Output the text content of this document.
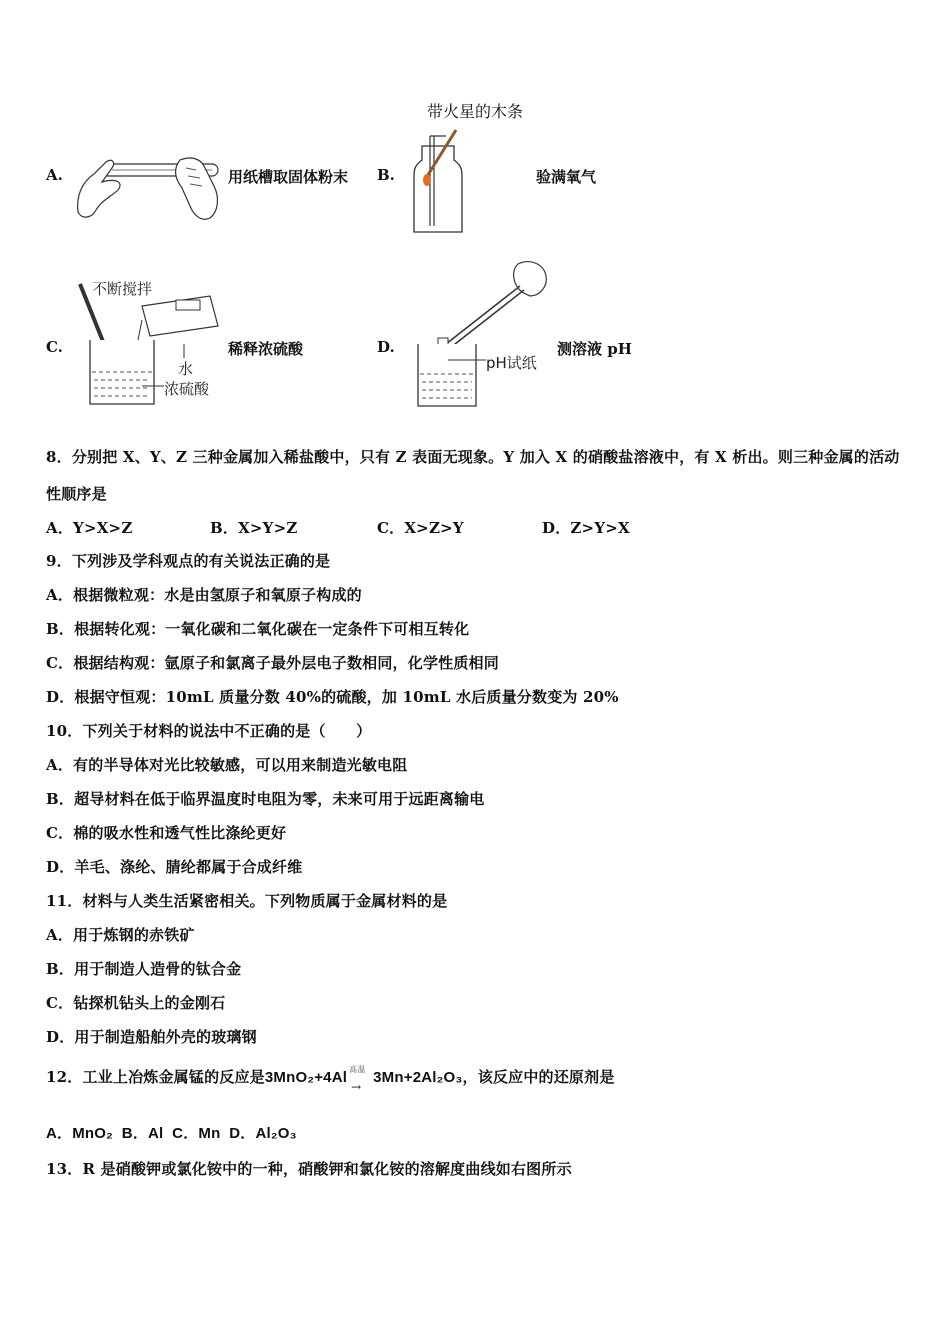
A.	用纸槽取固体粉末 B.
带火星的木条
验满氧气
C.
不断搅拌
水
浓硫酸
稀释浓硫酸	D.
pH试纸
测溶液 pH
8．分别把 X、Y、Z 三种金属加入稀盐酸中，只有 Z 表面无现象。Y 加入 X 的硝酸盐溶液中，有 X 析出。则三种金属的活动
性顺序是
A．Y>X>Z	B．X>Y>Z	C．X>Z>Y	D．Z>Y>X
9．下列涉及学科观点的有关说法正确的是
A．根据微粒观：水是由氢原子和氧原子构成的
B．根据转化观：一氧化碳和二氧化碳在一定条件下可相互转化
C．根据结构观：氩原子和氯离子最外层电子数相同，化学性质相同
D．根据守恒观：10mL 质量分数 40%的硫酸，加 10mL 水后质量分数变为 20%
10．下列关于材料的说法中不正确的是（　　）
A．有的半导体对光比较敏感，可以用来制造光敏电阻
B．超导材料在低于临界温度时电阻为零，未来可用于远距离输电
C．棉的吸水性和透气性比涤纶更好
D．羊毛、涤纶、腈纶都属于合成纤维
11．材料与人类生活紧密相关。下列物质属于金属材料的是
A．用于炼钢的赤铁矿
B．用于制造人造骨的钛合金
C．钻探机钻头上的金刚石
D．用于制造船舶外壳的玻璃钢
12．工业上冶炼金属锰的反应是3MnO₂+4Al 高温
→
3Mn+2Al₂O₃，该反应中的还原剂是
A．MnO₂ B．Al C．Mn D．Al₂O₃
13．R 是硝酸钾或氯化铵中的一种，硝酸钾和氯化铵的溶解度曲线如右图所示
